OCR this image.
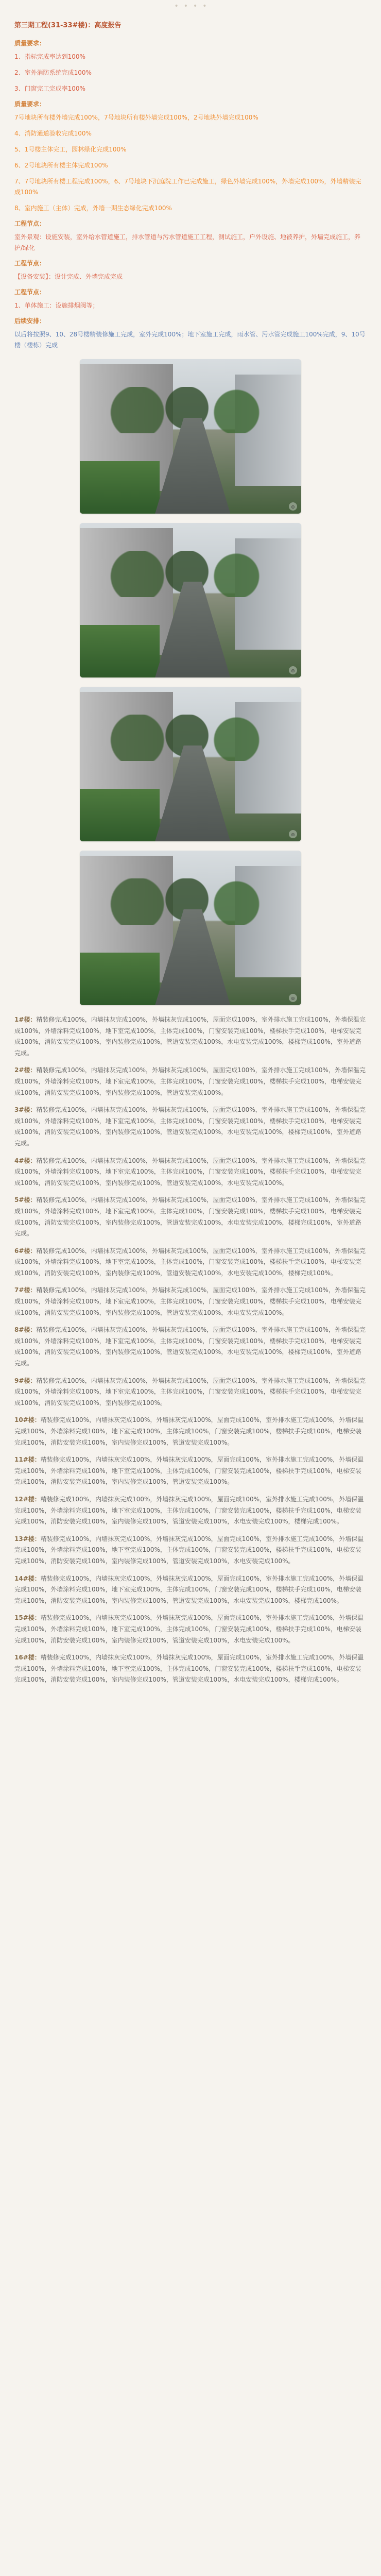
• • • •
第三期工程(31-33#楼)：高度报告
质量要求：
1、指标完成率达到100%
2、室外消防系统完成100%
3、门窗完工完成率100%
质量要求：
7号地块所有楼外墙完成100%，7号地块所有楼外墙完成100%，2号地块外墙完成100%
4、消防通道验收完成100%
5、1号楼主体完工，园林绿化完成100%
6、2号地块所有楼主体完成100%
7、7号地块所有楼工程完成100%，6、7号地块下沉庭院工作已完成施工，绿色外墙完成100%，外墙完成100%，外墙精装完成100%
8、室内施工（主体）完成，外墙一期生态绿化完成100%
工程节点：
室外景观：设施安装，室外给水管道施工，排水管道与污水管道施工工程，测试施工，户外设施、地被养护，外墙完成施工，养护/绿化
工程节点：
【设备安装】：设计完成、外墙完成完成
工程节点：
1、单体施工：设施排烟阀等；
后续安排：
以后将按照9、10、28号楼精装修施工完成，室外完成100%；地下室施工完成，雨水管、污水管完成施工100%完成，9、10号楼（楼栋）完成
◎
◎
◎
◎
1#楼：精装修完成100%，内墙抹灰完成100%，外墙抹灰完成100%，屋面完成100%，室外排水施工完成100%，外墙保温完成100%，外墙涂料完成100%，地下室完成100%，主体完成100%，门窗安装完成100%，楼梯扶手完成100%，电梯安装完成100%，消防安装完成100%，室内装修完成100%，管道安装完成100%，水电安装完成100%，楼梯完成100%，室外道路完成。
2#楼：精装修完成100%，内墙抹灰完成100%，外墙抹灰完成100%，屋面完成100%，室外排水施工完成100%，外墙保温完成100%，外墙涂料完成100%，地下室完成100%，主体完成100%，门窗安装完成100%，楼梯扶手完成100%，电梯安装完成100%，消防安装完成100%，室内装修完成100%，管道安装完成100%。
3#楼：精装修完成100%，内墙抹灰完成100%，外墙抹灰完成100%，屋面完成100%，室外排水施工完成100%，外墙保温完成100%，外墙涂料完成100%，地下室完成100%，主体完成100%，门窗安装完成100%，楼梯扶手完成100%，电梯安装完成100%，消防安装完成100%，室内装修完成100%，管道安装完成100%，水电安装完成100%，楼梯完成100%，室外道路完成。
4#楼：精装修完成100%，内墙抹灰完成100%，外墙抹灰完成100%，屋面完成100%，室外排水施工完成100%，外墙保温完成100%，外墙涂料完成100%，地下室完成100%，主体完成100%，门窗安装完成100%，楼梯扶手完成100%，电梯安装完成100%，消防安装完成100%，室内装修完成100%，管道安装完成100%，水电安装完成100%。
5#楼：精装修完成100%，内墙抹灰完成100%，外墙抹灰完成100%，屋面完成100%，室外排水施工完成100%，外墙保温完成100%，外墙涂料完成100%，地下室完成100%，主体完成100%，门窗安装完成100%，楼梯扶手完成100%，电梯安装完成100%，消防安装完成100%，室内装修完成100%，管道安装完成100%，水电安装完成100%，楼梯完成100%，室外道路完成。
6#楼：精装修完成100%，内墙抹灰完成100%，外墙抹灰完成100%，屋面完成100%，室外排水施工完成100%，外墙保温完成100%，外墙涂料完成100%，地下室完成100%，主体完成100%，门窗安装完成100%，楼梯扶手完成100%，电梯安装完成100%，消防安装完成100%，室内装修完成100%，管道安装完成100%，水电安装完成100%，楼梯完成100%。
7#楼：精装修完成100%，内墙抹灰完成100%，外墙抹灰完成100%，屋面完成100%，室外排水施工完成100%，外墙保温完成100%，外墙涂料完成100%，地下室完成100%，主体完成100%，门窗安装完成100%，楼梯扶手完成100%，电梯安装完成100%，消防安装完成100%，室内装修完成100%，管道安装完成100%，水电安装完成100%。
8#楼：精装修完成100%，内墙抹灰完成100%，外墙抹灰完成100%，屋面完成100%，室外排水施工完成100%，外墙保温完成100%，外墙涂料完成100%，地下室完成100%，主体完成100%，门窗安装完成100%，楼梯扶手完成100%，电梯安装完成100%，消防安装完成100%，室内装修完成100%，管道安装完成100%，水电安装完成100%，楼梯完成100%，室外道路完成。
9#楼：精装修完成100%，内墙抹灰完成100%，外墙抹灰完成100%，屋面完成100%，室外排水施工完成100%，外墙保温完成100%，外墙涂料完成100%，地下室完成100%，主体完成100%，门窗安装完成100%，楼梯扶手完成100%，电梯安装完成100%，消防安装完成100%，室内装修完成100%。
10#楼：精装修完成100%，内墙抹灰完成100%，外墙抹灰完成100%，屋面完成100%，室外排水施工完成100%，外墙保温完成100%，外墙涂料完成100%，地下室完成100%，主体完成100%，门窗安装完成100%，楼梯扶手完成100%，电梯安装完成100%，消防安装完成100%，室内装修完成100%，管道安装完成100%。
11#楼：精装修完成100%，内墙抹灰完成100%，外墙抹灰完成100%，屋面完成100%，室外排水施工完成100%，外墙保温完成100%，外墙涂料完成100%，地下室完成100%，主体完成100%，门窗安装完成100%，楼梯扶手完成100%，电梯安装完成100%，消防安装完成100%，室内装修完成100%，管道安装完成100%。
12#楼：精装修完成100%，内墙抹灰完成100%，外墙抹灰完成100%，屋面完成100%，室外排水施工完成100%，外墙保温完成100%，外墙涂料完成100%，地下室完成100%，主体完成100%，门窗安装完成100%，楼梯扶手完成100%，电梯安装完成100%，消防安装完成100%，室内装修完成100%，管道安装完成100%，水电安装完成100%，楼梯完成100%。
13#楼：精装修完成100%，内墙抹灰完成100%，外墙抹灰完成100%，屋面完成100%，室外排水施工完成100%，外墙保温完成100%，外墙涂料完成100%，地下室完成100%，主体完成100%，门窗安装完成100%，楼梯扶手完成100%，电梯安装完成100%，消防安装完成100%，室内装修完成100%，管道安装完成100%，水电安装完成100%。
14#楼：精装修完成100%，内墙抹灰完成100%，外墙抹灰完成100%，屋面完成100%，室外排水施工完成100%，外墙保温完成100%，外墙涂料完成100%，地下室完成100%，主体完成100%，门窗安装完成100%，楼梯扶手完成100%，电梯安装完成100%，消防安装完成100%，室内装修完成100%，管道安装完成100%，水电安装完成100%，楼梯完成100%。
15#楼：精装修完成100%，内墙抹灰完成100%，外墙抹灰完成100%，屋面完成100%，室外排水施工完成100%，外墙保温完成100%，外墙涂料完成100%，地下室完成100%，主体完成100%，门窗安装完成100%，楼梯扶手完成100%，电梯安装完成100%，消防安装完成100%，室内装修完成100%，管道安装完成100%，水电安装完成100%。
16#楼：精装修完成100%，内墙抹灰完成100%，外墙抹灰完成100%，屋面完成100%，室外排水施工完成100%，外墙保温完成100%，外墙涂料完成100%，地下室完成100%，主体完成100%，门窗安装完成100%，楼梯扶手完成100%，电梯安装完成100%，消防安装完成100%，室内装修完成100%，管道安装完成100%，水电安装完成100%，楼梯完成100%。
